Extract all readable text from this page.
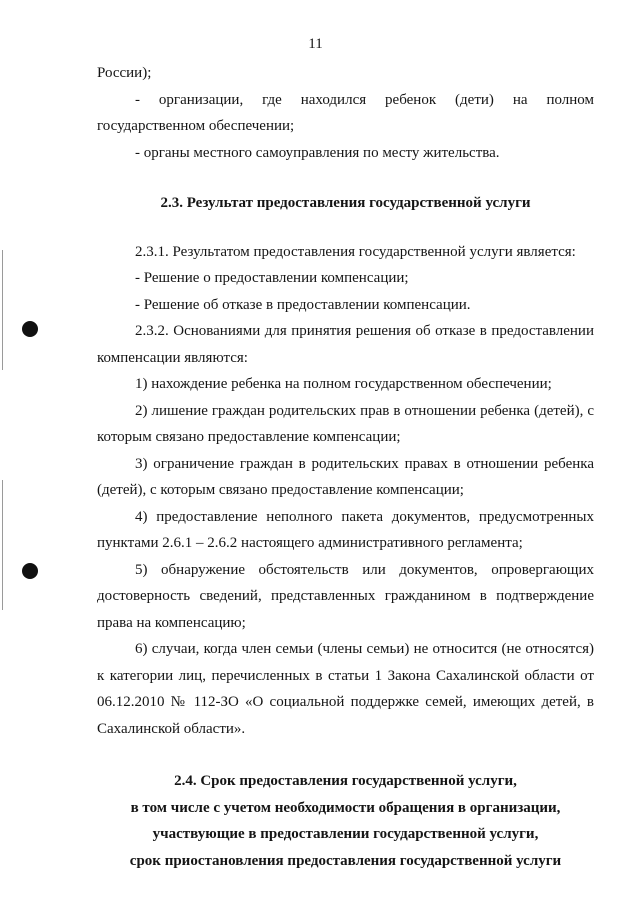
11

России);

- организации, где находился ребенок (дети) на полном государственном обеспечении;

- органы местного самоуправления по месту жительства.

2.3. Результат предоставления государственной услуги

2.3.1. Результатом предоставления государственной услуги является:

- Решение о предоставлении компенсации;

- Решение об отказе в предоставлении компенсации.

2.3.2. Основаниями для принятия решения об отказе в предоставлении компенсации являются:

1) нахождение ребенка на полном государственном обеспечении;

2) лишение граждан родительских прав в отношении ребенка (детей), с которым связано предоставление компенсации;

3) ограничение граждан в родительских правах в отношении ребенка (детей), с которым связано предоставление компенсации;

4) предоставление неполного пакета документов, предусмотренных пунктами 2.6.1 – 2.6.2 настоящего административного регламента;

5) обнаружение обстоятельств или документов, опровергающих достоверность сведений, представленных гражданином в подтверждение права на компенсацию;

6) случаи, когда член семьи (члены семьи) не относится (не относятся) к категории лиц, перечисленных в статьи 1 Закона Сахалинской области от 06.12.2010 № 112-ЗО «О социальной поддержке семей, имеющих детей, в Сахалинской области».

2.4. Срок предоставления государственной услуги,

в том числе с учетом необходимости обращения в организации,

участвующие в предоставлении государственной услуги,

срок приостановления предоставления государственной услуги
